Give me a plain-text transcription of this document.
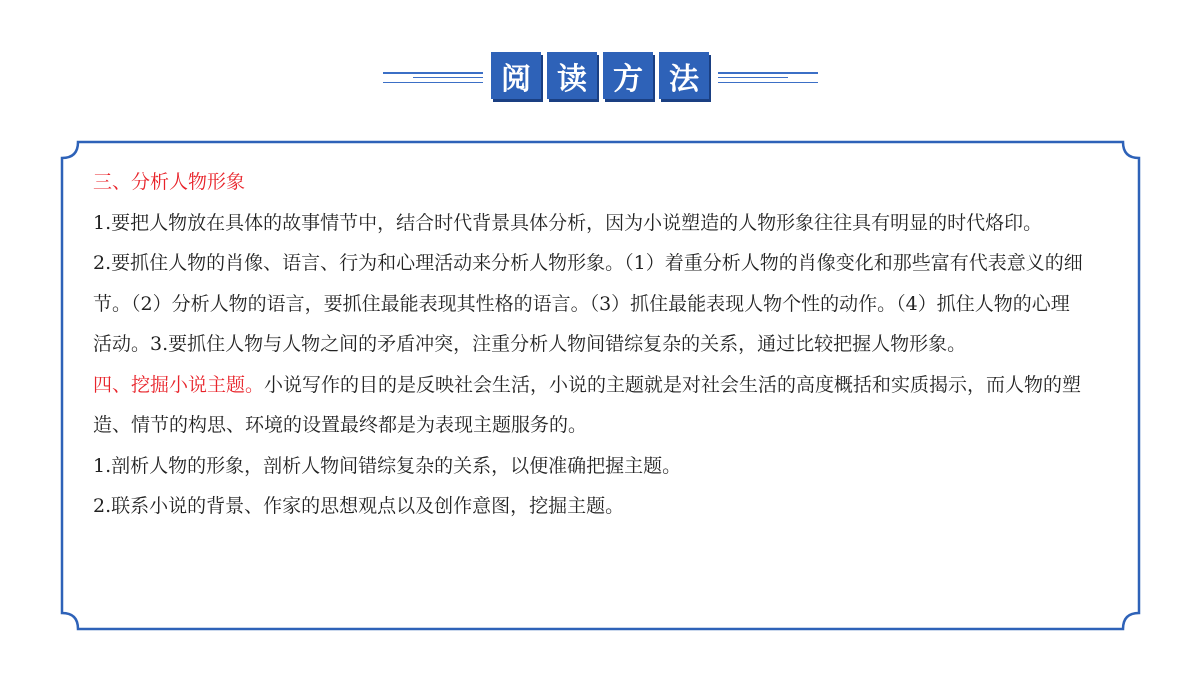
阅 读 方 法

三、分析人物形象

1.要把人物放在具体的故事情节中，结合时代背景具体分析，因为小说塑造的人物形象往往具有明显的时代烙印。

2.要抓住人物的肖像、语言、行为和心理活动来分析人物形象。（1）着重分析人物的肖像变化和那些富有代表意义的细节。（2）分析人物的语言，要抓住最能表现其性格的语言。（3）抓住最能表现人物个性的动作。（4）抓住人物的心理活动。3.要抓住人物与人物之间的矛盾冲突，注重分析人物间错综复杂的关系，通过比较把握人物形象。

四、挖掘小说主题。小说写作的目的是反映社会生活，小说的主题就是对社会生活的高度概括和实质揭示，而人物的塑造、情节的构思、环境的设置最终都是为表现主题服务的。

1.剖析人物的形象，剖析人物间错综复杂的关系，以便准确把握主题。

2.联系小说的背景、作家的思想观点以及创作意图，挖掘主题。
